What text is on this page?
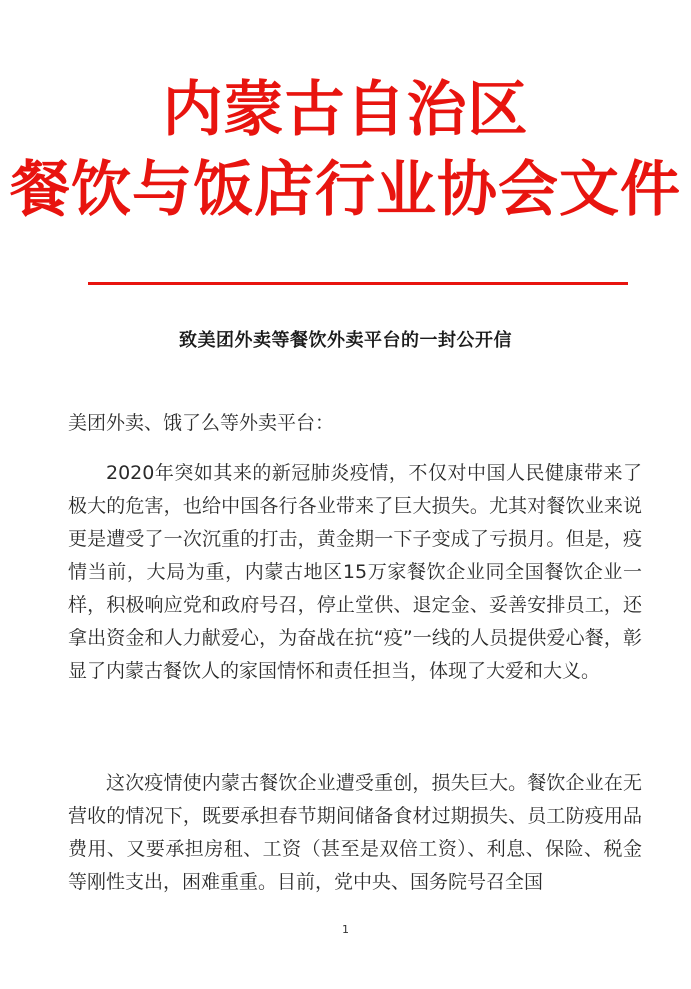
内蒙古自治区
餐饮与饭店行业协会文件
致美团外卖等餐饮外卖平台的一封公开信

美团外卖、饿了么等外卖平台：

2020年突如其来的新冠肺炎疫情，不仅对中国人民健康带来了极大的危害，也给中国各行各业带来了巨大损失。尤其对餐饮业来说更是遭受了一次沉重的打击，黄金期一下子变成了亏损月。但是，疫情当前，大局为重，内蒙古地区15万家餐饮企业同全国餐饮企业一样，积极响应党和政府号召，停止堂供、退定金、妥善安排员工，还拿出资金和人力献爱心，为奋战在抗“疫”一线的人员提供爱心餐，彰显了内蒙古餐饮人的家国情怀和责任担当，体现了大爱和大义。

这次疫情使内蒙古餐饮企业遭受重创，损失巨大。餐饮企业在无营收的情况下，既要承担春节期间储备食材过期损失、员工防疫用品费用、又要承担房租、工资（甚至是双倍工资）、利息、保险、税金等刚性支出，困难重重。目前，党中央、国务院号召全国

1
